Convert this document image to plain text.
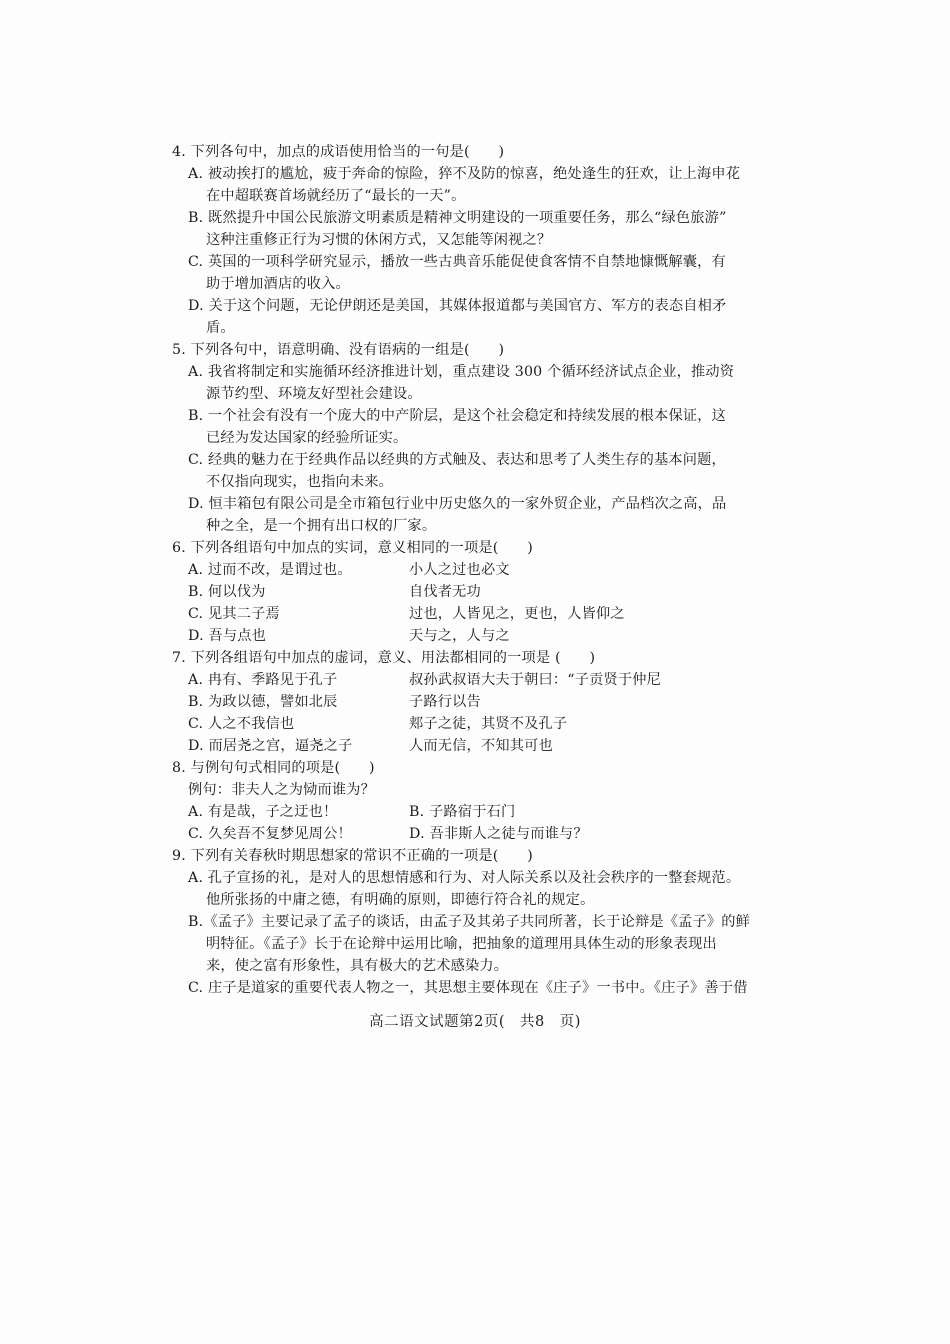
4. 下列各句中，加点的成语使用恰当的一句是(　　)

A. 被动挨打的尴尬，疲于奔命的惊险，猝不及防的惊喜，绝处逢生的狂欢，让上海申花

在中超联赛首场就经历了“最长的一天”。

B. 既然提升中国公民旅游文明素质是精神文明建设的一项重要任务，那么“绿色旅游”

这种注重修正行为习惯的休闲方式，又怎能等闲视之？

C. 英国的一项科学研究显示，播放一些古典音乐能促使食客情不自禁地慷慨解囊，有

助于增加酒店的收入。

D. 关于这个问题，无论伊朗还是美国，其媒体报道都与美国官方、军方的表态自相矛

盾。

5. 下列各句中，语意明确、没有语病的一组是(　　)

A. 我省将制定和实施循环经济推进计划，重点建设 300 个循环经济试点企业，推动资

源节约型、环境友好型社会建设。

B. 一个社会有没有一个庞大的中产阶层，是这个社会稳定和持续发展的根本保证，这

已经为发达国家的经验所证实。

C. 经典的魅力在于经典作品以经典的方式触及、表达和思考了人类生存的基本问题，

不仅指向现实，也指向未来。

D. 恒丰箱包有限公司是全市箱包行业中历史悠久的一家外贸企业，产品档次之高，品

种之全，是一个拥有出口权的厂家。

6. 下列各组语句中加点的实词，意义相同的一项是(　　)

A. 过而不改，是谓过也。	小人之过也必文
B. 何以伐为	自伐者无功
C. 见其二子焉	过也，人皆见之，更也，人皆仰之
D. 吾与点也	天与之，人与之

7. 下列各组语句中加点的虚词，意义、用法都相同的一项是 (　　)

A. 冉有、季路见于孔子	叔孙武叔语大夫于朝曰：“子贡贤于仲尼
B. 为政以德，譬如北辰	子路行以告
C. 人之不我信也	郏子之徒，其贤不及孔子
D. 而居尧之宫，逼尧之子	人而无信，不知其可也

8. 与例句句式相同的项是(　　)

例句：非夫人之为恸而谁为？

A. 有是哉，子之迂也！	B. 子路宿于石门
C. 久矣吾不复梦见周公！	D. 吾非斯人之徒与而谁与？

9. 下列有关春秋时期思想家的常识不正确的一项是(　　)

A. 孔子宣扬的礼，是对人的思想情感和行为、对人际关系以及社会秩序的一整套规范。

他所张扬的中庸之德，有明确的原则，即德行符合礼的规定。

B.《孟子》主要记录了孟子的谈话，由孟子及其弟子共同所著，长于论辩是《孟子》的鲜

明特征。《孟子》长于在论辩中运用比喻，把抽象的道理用具体生动的形象表现出

来，使之富有形象性，具有极大的艺术感染力。

C. 庄子是道家的重要代表人物之一，其思想主要体现在《庄子》一书中。《庄子》善于借

高二语文试题第2页(　共8　页)
